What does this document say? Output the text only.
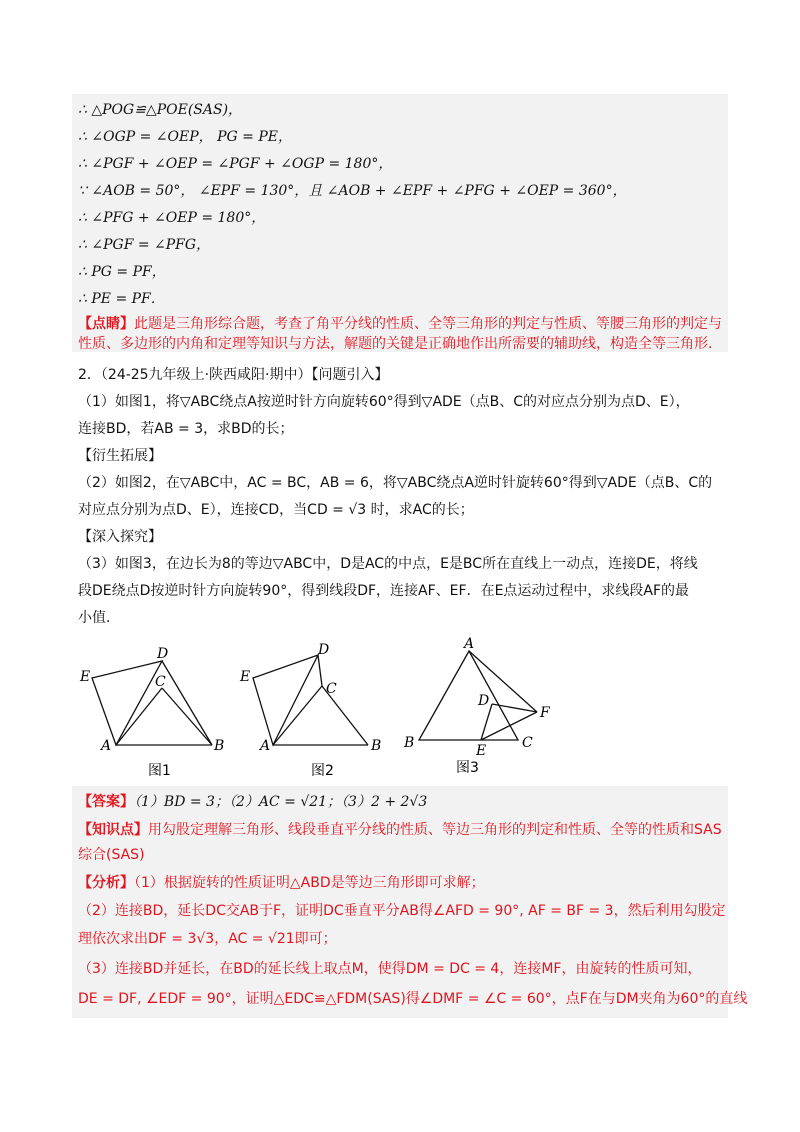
∴ △POG≌△POE(SAS)，
∴ ∠OGP = ∠OEP， PG = PE，
∴ ∠PGF + ∠OEP = ∠PGF + ∠OGP = 180°，
∵ ∠AOB = 50°， ∠EPF = 130°，且 ∠AOB + ∠EPF + ∠PFG + ∠OEP = 360°，
∴ ∠PFG + ∠OEP = 180°，
∴ ∠PGF = ∠PFG，
∴ PG = PF，
∴ PE = PF．
【点睛】此题是三角形综合题，考查了角平分线的性质、全等三角形的判定与性质、等腰三角形的判定与
性质、多边形的内角和定理等知识与方法，解题的关键是正确地作出所需要的辅助线，构造全等三角形．
2．（24-25九年级上·陕西咸阳·期中）【问题引入】
（1）如图1，将▽ABC绕点A按逆时针方向旋转60°得到▽ADE（点B、C的对应点分别为点D、E），
连接BD，若AB = 3，求BD的长；
【衍生拓展】
（2）如图2，在▽ABC中，AC = BC，AB = 6，将▽ABC绕点A逆时针旋转60°得到▽ADE（点B、C的
对应点分别为点D、E），连接CD，当CD = √3 时，求AC的长；
【深入探究】
（3）如图3，在边长为8的等边▽ABC中，D是AC的中点，E是BC所在直线上一动点，连接DE，将线
段DE绕点D按逆时针方向旋转90°，得到线段DF，连接AF、EF．在E点运动过程中，求线段AF的最
小值．
E
D
C
A	B
图1
E
D
C
A	B
图2
A
D
F
B	E	C
图3
【答案】（1）BD = 3；（2）AC = √21；（3）2 + 2√3
【知识点】用勾股定理解三角形、线段垂直平分线的性质、等边三角形的判定和性质、全等的性质和SAS
综合(SAS)
【分析】（1）根据旋转的性质证明△ABD是等边三角形即可求解；
（2）连接BD，延长DC交AB于F，证明DC垂直平分AB得∠AFD = 90°, AF = BF = 3，然后利用勾股定
理依次求出DF = 3√3，AC = √21即可；
（3）连接BD并延长，在BD的延长线上取点M，使得DM = DC = 4，连接MF，由旋转的性质可知，
DE = DF, ∠EDF = 90°，证明△EDC≌△FDM(SAS)得∠DMF = ∠C = 60°，点F在与DM夹角为60°的直线
